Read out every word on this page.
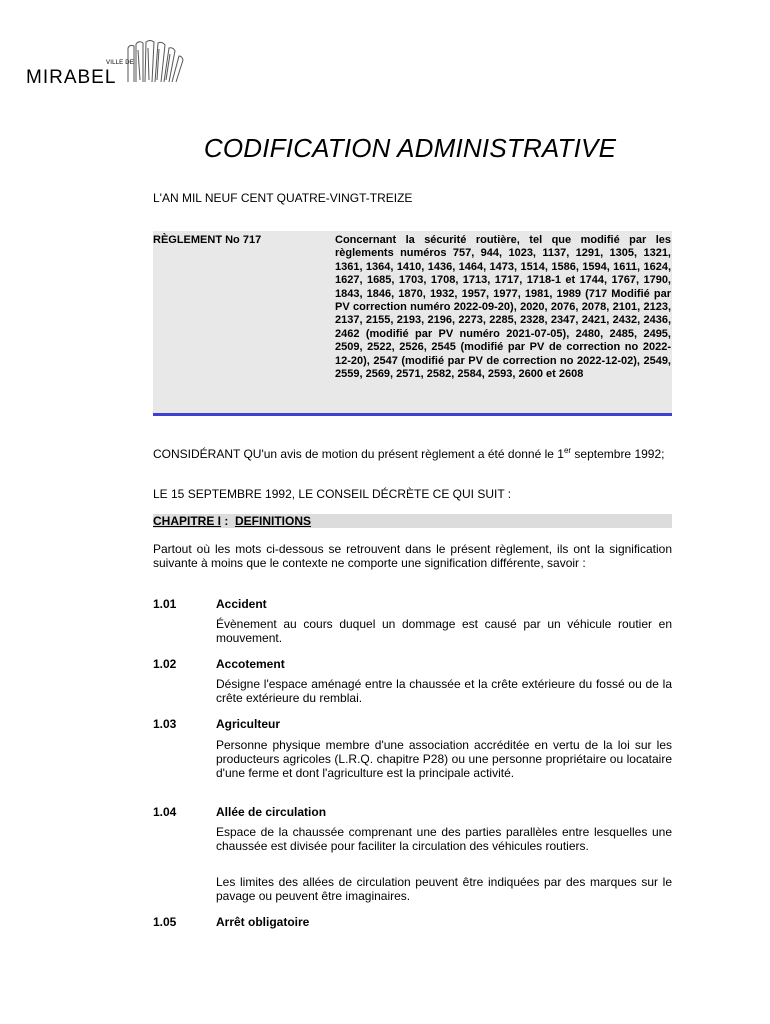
VILLE DE
MIRABEL
CODIFICATION ADMINISTRATIVE
L'AN MIL NEUF CENT QUATRE-VINGT-TREIZE
RÈGLEMENT No 717	Concernant la sécurité routière, tel que modifié par les règlements numéros 757, 944, 1023, 1137, 1291, 1305, 1321, 1361, 1364, 1410, 1436, 1464, 1473, 1514, 1586, 1594, 1611, 1624, 1627, 1685, 1703, 1708, 1713, 1717, 1718-1 et 1744, 1767, 1790, 1843, 1846, 1870, 1932, 1957, 1977, 1981, 1989 (717 Modifié par PV correction numéro 2022-09-20), 2020, 2076, 2078, 2101, 2123, 2137, 2155, 2193, 2196, 2273, 2285, 2328, 2347, 2421, 2432, 2436, 2462 (modifié par PV numéro 2021-07-05), 2480, 2485, 2495, 2509, 2522, 2526, 2545 (modifié par PV de correction no 2022-12-20), 2547 (modifié par PV de correction no 2022-12-02), 2549, 2559, 2569, 2571, 2582, 2584, 2593, 2600 et 2608
CONSIDÉRANT QU'un avis de motion du présent règlement a été donné le 1er septembre 1992;
LE 15 SEPTEMBRE 1992, LE CONSEIL DÉCRÈTE CE QUI SUIT :
CHAPITRE I :  DEFINITIONS
Partout où les mots ci-dessous se retrouvent dans le présent règlement, ils ont la signification suivante à moins que le contexte ne comporte une signification différente, savoir :
1.01	Accident
Évènement au cours duquel un dommage est causé par un véhicule routier en mouvement.
1.02	Accotement
Désigne l'espace aménagé entre la chaussée et la crête extérieure du fossé ou de la crête extérieure du remblai.
1.03	Agriculteur
Personne physique membre d'une association accréditée en vertu de la loi sur les producteurs agricoles (L.R.Q. chapitre P28) ou une personne propriétaire ou locataire d'une ferme et dont l'agriculture est la principale activité.
1.04	Allée de circulation
Espace de la chaussée comprenant une des parties parallèles entre lesquelles une chaussée est divisée pour faciliter la circulation des véhicules routiers.
Les limites des allées de circulation peuvent être indiquées par des marques sur le pavage ou peuvent être imaginaires.
1.05	Arrêt obligatoire
